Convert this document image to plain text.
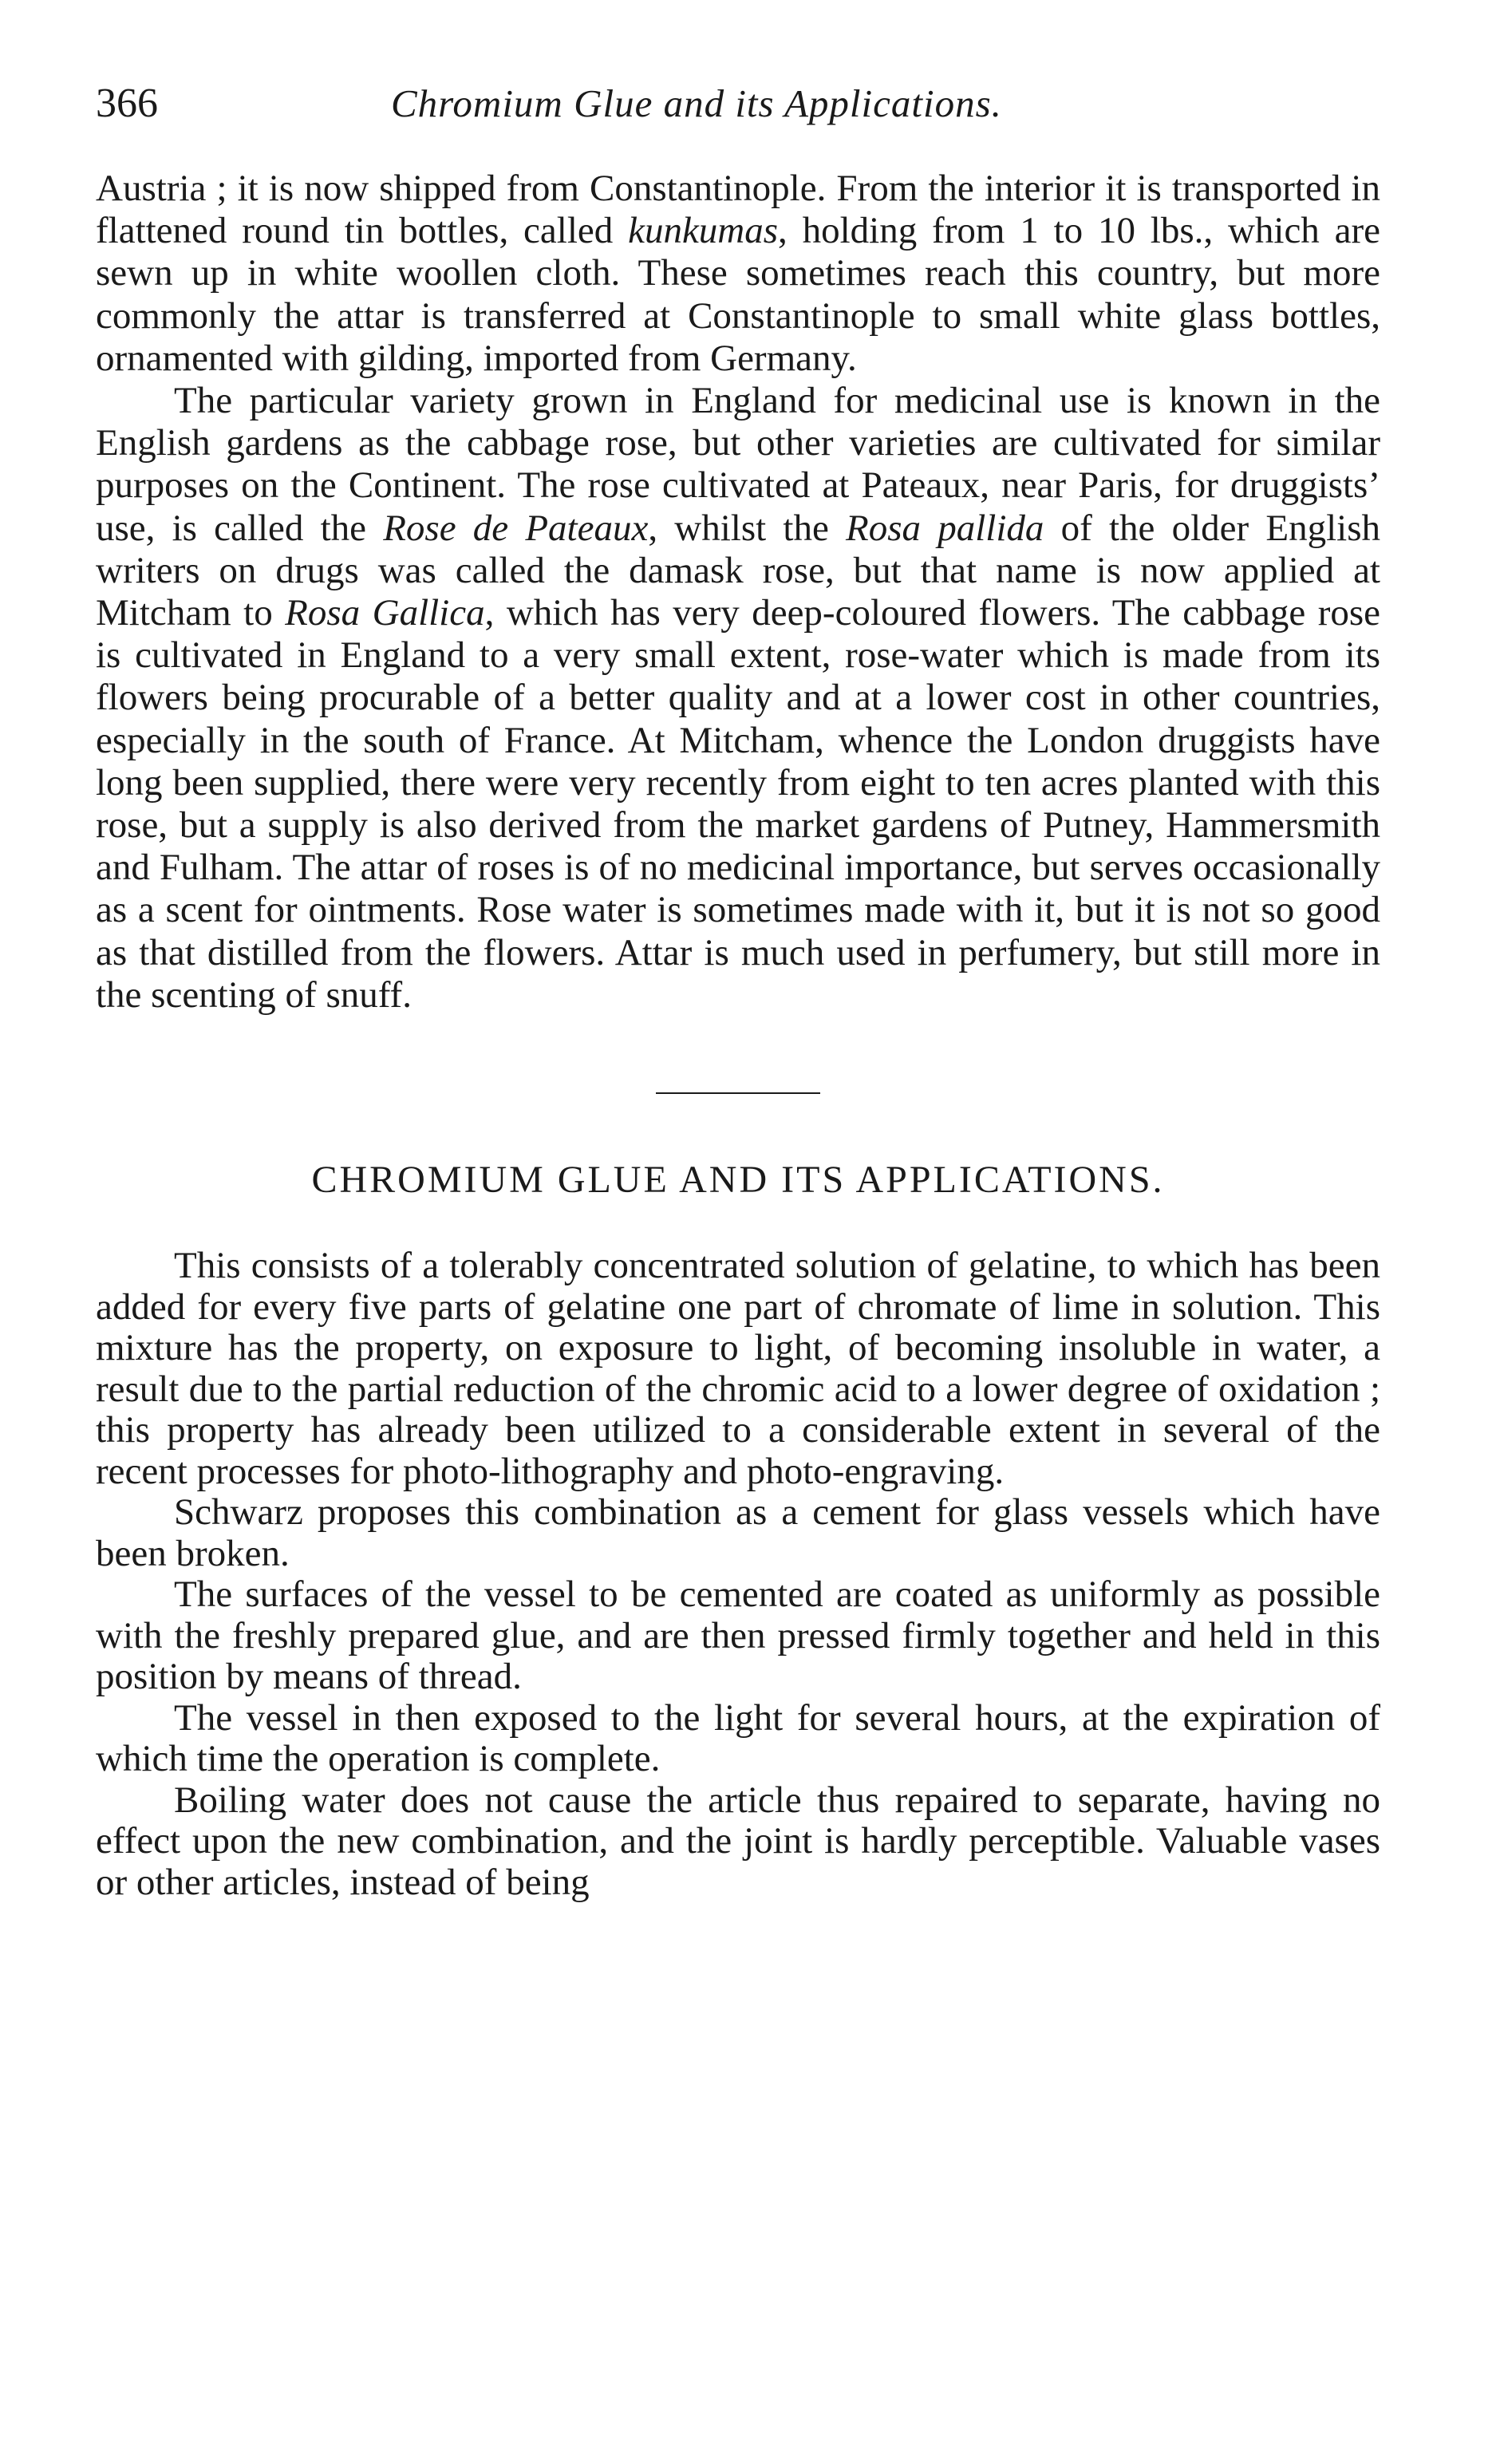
366	Chromium Glue and its Applications.

Austria ; it is now shipped from Constantinople. From the interior it is transported in flattened round tin bottles, called kunkumas, holding from 1 to 10 lbs., which are sewn up in white woollen cloth. These sometimes reach this country, but more commonly the attar is transferred at Constantinople to small white glass bottles, ornamented with gilding, imported from Germany.

The particular variety grown in England for medicinal use is known in the English gardens as the cabbage rose, but other varieties are cultivated for similar purposes on the Continent. The rose cultivated at Pateaux, near Paris, for druggists’ use, is called the Rose de Pateaux, whilst the Rosa pallida of the older English writers on drugs was called the damask rose, but that name is now applied at Mitcham to Rosa Gallica, which has very deep-coloured flowers. The cabbage rose is cultivated in England to a very small extent, rose-water which is made from its flowers being procurable of a better quality and at a lower cost in other countries, especially in the south of France. At Mitcham, whence the London druggists have long been supplied, there were very recently from eight to ten acres planted with this rose, but a supply is also derived from the market gardens of Putney, Hammersmith and Fulham. The attar of roses is of no medicinal importance, but serves occasionally as a scent for ointments. Rose water is sometimes made with it, but it is not so good as that distilled from the flowers. Attar is much used in perfumery, but still more in the scenting of snuff.

CHROMIUM GLUE AND ITS APPLICATIONS.

This consists of a tolerably concentrated solution of gelatine, to which has been added for every five parts of gelatine one part of chromate of lime in solution. This mixture has the property, on exposure to light, of becoming insoluble in water, a result due to the partial reduction of the chromic acid to a lower degree of oxidation ; this property has already been utilized to a considerable extent in several of the recent processes for photo-lithography and photo-engraving.

Schwarz proposes this combination as a cement for glass vessels which have been broken.

The surfaces of the vessel to be cemented are coated as uniformly as possible with the freshly prepared glue, and are then pressed firmly together and held in this position by means of thread.

The vessel in then exposed to the light for several hours, at the expiration of which time the operation is complete.

Boiling water does not cause the article thus repaired to separate, having no effect upon the new combination, and the joint is hardly perceptible. Valuable vases or other articles, instead of being
